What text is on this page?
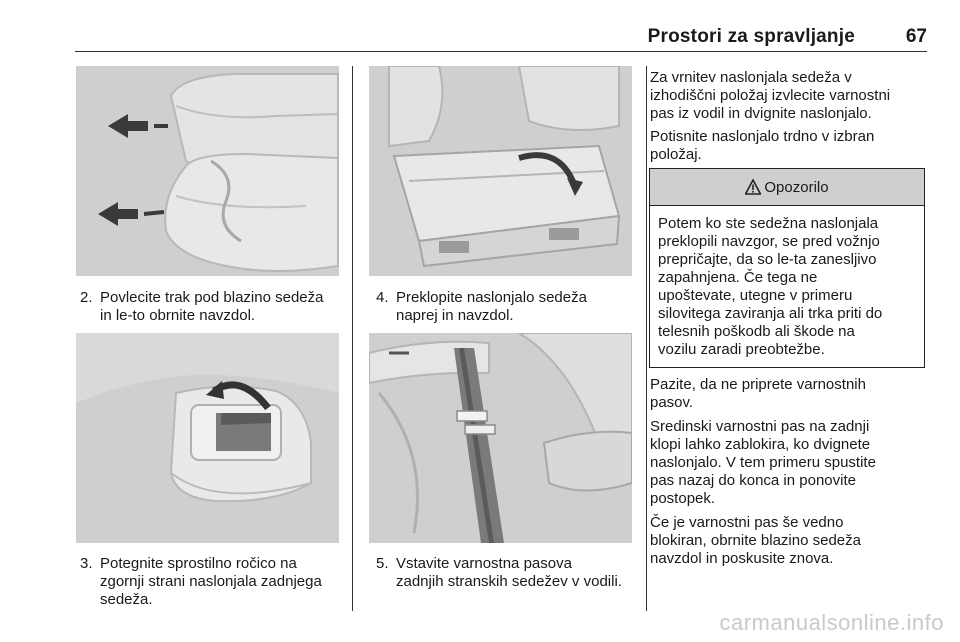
Prostori za spravljanje	67
2. Povlecite trak pod blazino sedeža
in le-to obrnite navzdol.
3. Potegnite sprostilno ročico na
zgornji strani naslonjala zadnjega
sedeža.
4. Preklopite naslonjalo sedeža
naprej in navzdol.
5. Vstavite varnostna pasova
zadnjih stranskih sedežev v vodili.
Za vrnitev naslonjala sedeža v
izhodiščni položaj izvlecite varnostni
pas iz vodil in dvignite naslonjalo.
Potisnite naslonjalo trdno v izbran
položaj.
Opozorilo
Potem ko ste sedežna naslonjala
preklopili navzgor, se pred vožnjo
prepričajte, da so le-ta zanesljivo
zapahnjena. Če tega ne
upoštevate, utegne v primeru
silovitega zaviranja ali trka priti do
telesnih poškodb ali škode na
vozilu zaradi preobtežbe.
Pazite, da ne priprete varnostnih
pasov.
Sredinski varnostni pas na zadnji
klopi lahko zablokira, ko dvignete
naslonjalo. V tem primeru spustite
pas nazaj do konca in ponovite
postopek.
Če je varnostni pas še vedno
blokiran, obrnite blazino sedeža
navzdol in poskusite znova.
carmanualsonline.info
